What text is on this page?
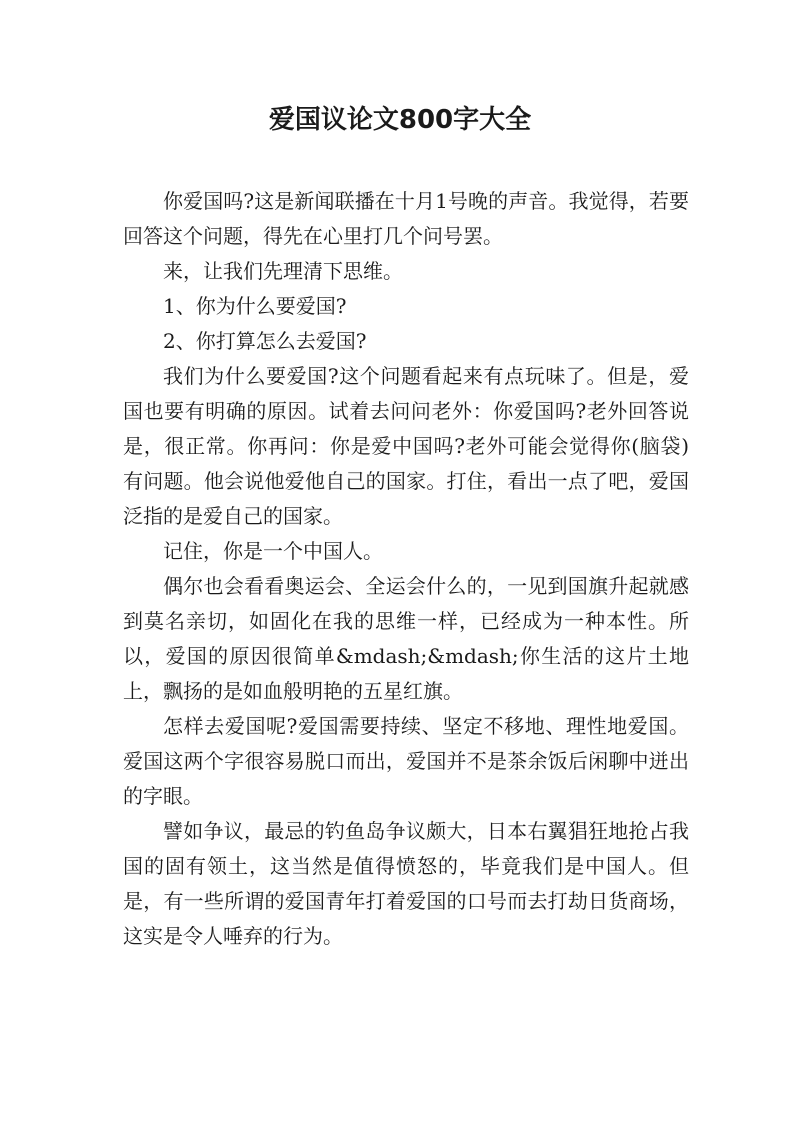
爱国议论文800字大全

你爱国吗?这是新闻联播在十月1号晚的声音。我觉得，若要回答这个问题，得先在心里打几个问号罢。

来，让我们先理清下思维。

1、你为什么要爱国?

2、你打算怎么去爱国?

我们为什么要爱国?这个问题看起来有点玩味了。但是，爱国也要有明确的原因。试着去问问老外：你爱国吗?老外回答说是，很正常。你再问：你是爱中国吗?老外可能会觉得你(脑袋)有问题。他会说他爱他自己的国家。打住，看出一点了吧，爱国泛指的是爱自己的国家。

记住，你是一个中国人。

偶尔也会看看奥运会、全运会什么的，一见到国旗升起就感到莫名亲切，如固化在我的思维一样，已经成为一种本性。所以，爱国的原因很简单&mdash;&mdash;你生活的这片土地上，飘扬的是如血般明艳的五星红旗。

怎样去爱国呢?爱国需要持续、坚定不移地、理性地爱国。爱国这两个字很容易脱口而出，爱国并不是茶余饭后闲聊中迸出的字眼。

譬如争议，最忌的钓鱼岛争议颇大，日本右翼猖狂地抢占我国的固有领土，这当然是值得愤怒的，毕竟我们是中国人。但是，有一些所谓的爱国青年打着爱国的口号而去打劫日货商场，这实是令人唾弃的行为。
